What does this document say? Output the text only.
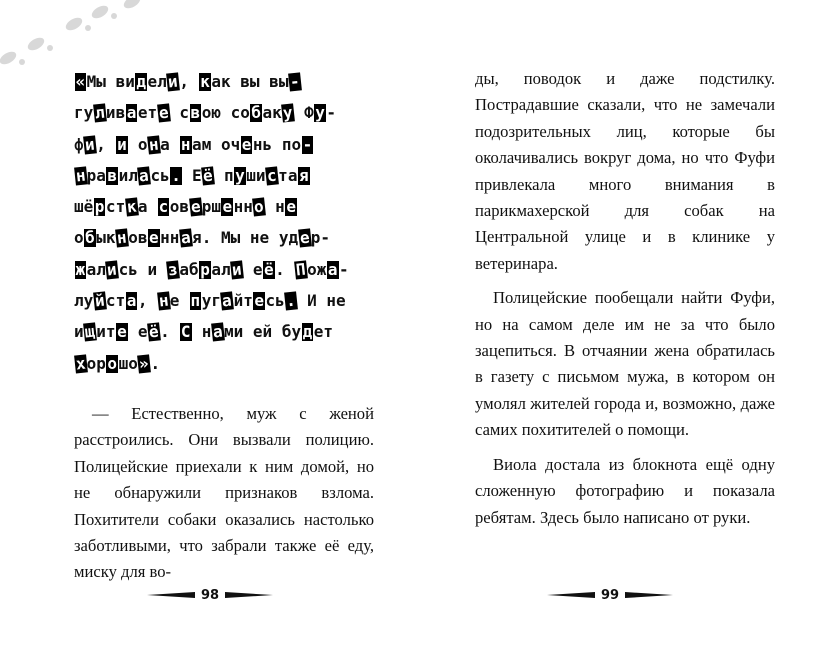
«Мы видели, как вы вы-

гуливаете свою собаку Фу-

фи, и она нам очень по-

нравилась. Её пушистая

шёрстка совершенно не

обыкновенная. Мы не удер-

жались и забрали её. Пожа-

луйста, не пугайтесь. И не

ищите её. С нами ей будет

хорошо».

— Естественно, муж с женой расстроились. Они вызвали полицию. Полицейские приехали к ним домой, но не обнаружили признаков взлома. Похитители собаки оказались настолько заботливыми, что забрали также её еду, миску для во-

ды, поводок и даже подстилку. Пострадавшие сказали, что не замечали подозрительных лиц, которые бы околачивались вокруг дома, но что Фуфи привлекала много внимания в парикмахерской для собак на Центральной улице и в клинике у ветеринара.

Полицейские пообещали найти Фуфи, но на самом деле им не за что было зацепиться. В отчаянии жена обратилась в газету с письмом мужа, в котором он умолял жителей города и, возможно, даже самих похитителей о помощи.

Виола достала из блокнота ещё одну сложенную фотографию и показала ребятам. Здесь было написано от руки.

98	99
